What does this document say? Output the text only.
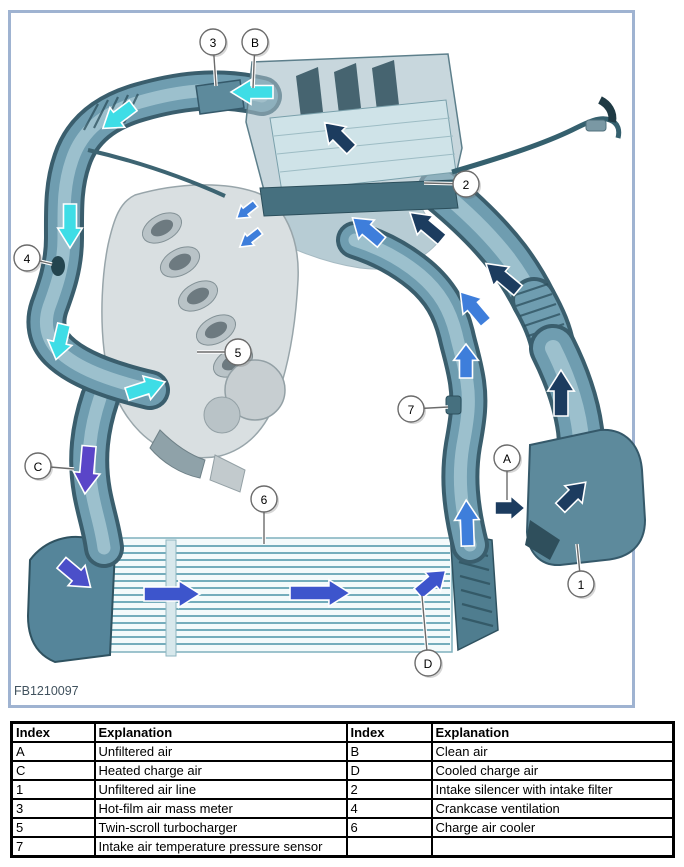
FB1210097
3	B
2
4
5
C
7
A
6
D
1
Index	Explanation	Index	Explanation
A	Unfiltered air	B	Clean air
C	Heated charge air	D	Cooled charge air
1	Unfiltered air line	2	Intake silencer with intake filter
3	Hot-film air mass meter	4	Crankcase ventilation
5	Twin-scroll turbocharger	6	Charge air cooler
7	Intake air temperature pressure sensor		
